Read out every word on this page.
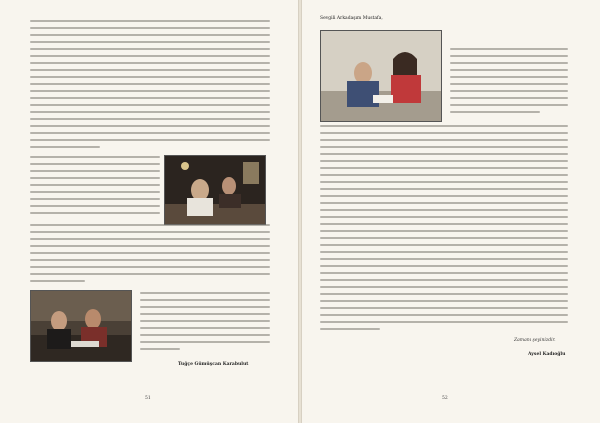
Tuğçe Gümüşcan Karabulut
51
Sevgili Arkadaşım Mustafa,
Zamanı şeyinizdir.
Aysel Kadıoğlu
52
